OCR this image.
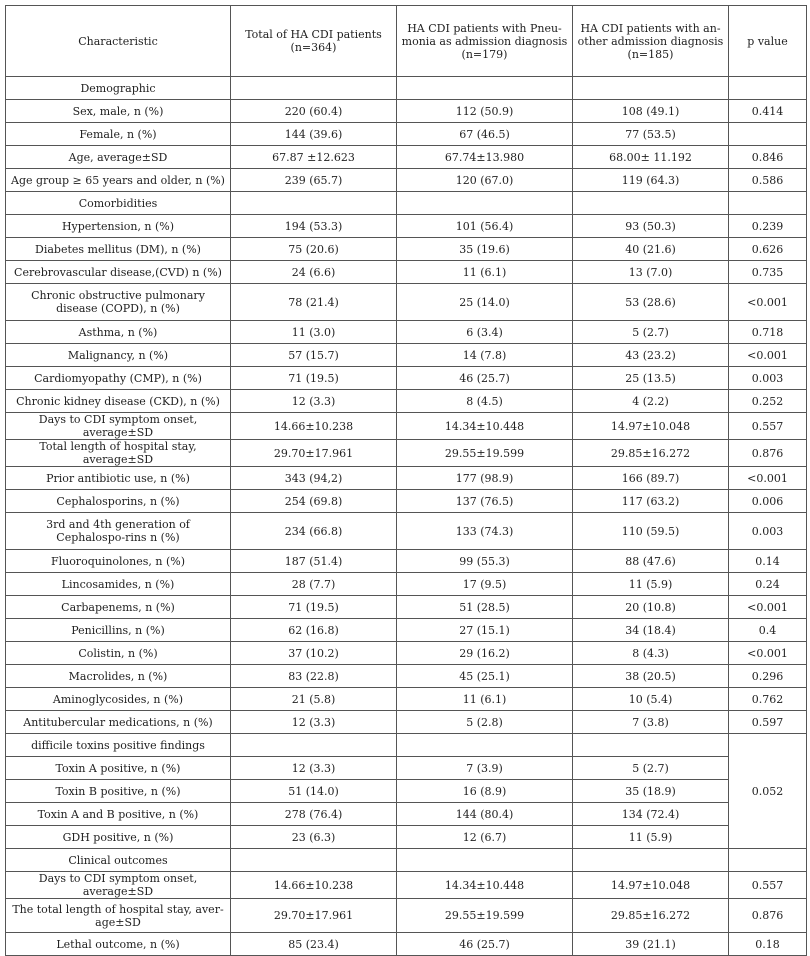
Characteristic	Total of HA CDI patients (n=364)	HA CDI patients with Pneu-monia as admission diagnosis (n=179)	HA CDI patients with an-other admission diagnosis (n=185)	p value
Demographic				
Sex, male, n (%)	220 (60.4)	112 (50.9)	108 (49.1)	0.414
Female, n (%)	144 (39.6)	67 (46.5)	77 (53.5)	
Age, average±SD	67.87 ±12.623	67.74±13.980	68.00± 11.192	0.846
Age group ≥ 65 years and older, n (%)	239 (65.7)	120 (67.0)	119 (64.3)	0.586
Comorbidities				
Hypertension, n (%)	194 (53.3)	101 (56.4)	93 (50.3)	0.239
Diabetes mellitus (DM), n (%)	75 (20.6)	35 (19.6)	40 (21.6)	0.626
Cerebrovascular disease,(CVD) n (%)	24 (6.6)	11 (6.1)	13 (7.0)	0.735
Chronic obstructive pulmonary disease (COPD), n (%)	78 (21.4)	25 (14.0)	53 (28.6)	<0.001
Asthma, n (%)	11 (3.0)	6 (3.4)	5 (2.7)	0.718
Malignancy, n (%)	57 (15.7)	14 (7.8)	43 (23.2)	<0.001
Cardiomyopathy (CMP), n (%)	71 (19.5)	46 (25.7)	25 (13.5)	0.003
Chronic kidney disease (CKD), n (%)	12 (3.3)	8 (4.5)	4 (2.2)	0.252
Days to CDI symptom onset, average±SD	14.66±10.238	14.34±10.448	14.97±10.048	0.557
Total length of hospital stay, average±SD	29.70±17.961	29.55±19.599	29.85±16.272	0.876
Prior antibiotic use, n (%)	343 (94,2)	177 (98.9)	166 (89.7)	<0.001
Cephalosporins, n (%)	254 (69.8)	137 (76.5)	117 (63.2)	0.006
3rd and 4th generation of Cephalospo-rins n (%)	234 (66.8)	133 (74.3)	110 (59.5)	0.003
Fluoroquinolones, n (%)	187 (51.4)	99 (55.3)	88 (47.6)	0.14
Lincosamides, n (%)	28 (7.7)	17 (9.5)	11 (5.9)	0.24
Carbapenems, n (%)	71 (19.5)	51 (28.5)	20 (10.8)	<0.001
Penicillins, n (%)	62 (16.8)	27 (15.1)	34 (18.4)	0.4
Colistin, n (%)	37 (10.2)	29 (16.2)	8 (4.3)	<0.001
Macrolides, n (%)	83 (22.8)	45 (25.1)	38 (20.5)	0.296
Aminoglycosides, n (%)	21 (5.8)	11 (6.1)	10 (5.4)	0.762
Antitubercular medications, n (%)	12 (3.3)	5 (2.8)	7 (3.8)	0.597
difficile toxins positive findings				0.052
Toxin A positive, n (%)	12 (3.3)	7 (3.9)	5 (2.7)	
Toxin B positive, n (%)	51 (14.0)	16 (8.9)	35 (18.9)	
Toxin A and B positive, n (%)	278 (76.4)	144 (80.4)	134 (72.4)	
GDH positive, n (%)	23 (6.3)	12 (6.7)	11 (5.9)	
Clinical outcomes				
Days to CDI symptom onset, average±SD	14.66±10.238	14.34±10.448	14.97±10.048	0.557
The total length of hospital stay, aver-age±SD	29.70±17.961	29.55±19.599	29.85±16.272	0.876
Lethal outcome, n (%)	85 (23.4)	46 (25.7)	39 (21.1)	0.18
